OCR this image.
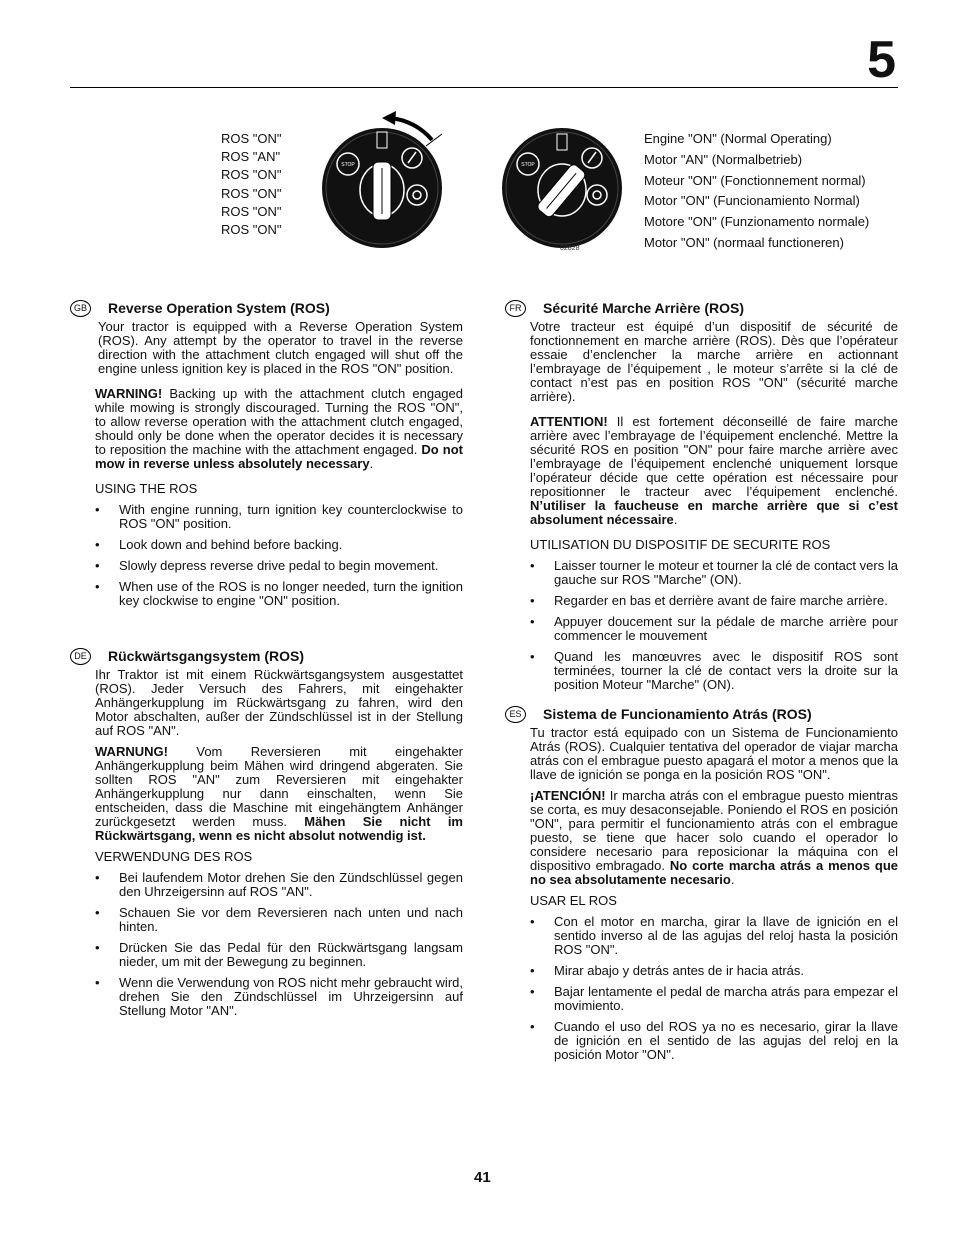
5
ROS "ON"
ROS "AN"
ROS "ON"
ROS "ON"
ROS "ON"
ROS "ON"
STOP	STOP
02828
Engine "ON" (Normal Operating)
Motor "AN" (Normalbetrieb)
Moteur "ON" (Fonctionnement normal)
Motor "ON" (Funcionamiento Normal)
Motore "ON" (Funzionamento normale)
Motor "ON" (normaal functioneren)
GB Reverse Operation System (ROS)

Your tractor is equipped with a Reverse Operation System (ROS). Any attempt by the operator to travel in the reverse direction with the attachment clutch engaged will shut off the engine unless ignition key is placed in the ROS "ON" position.

WARNING! Backing up with the attachment clutch engaged while mowing is strongly discouraged. Turning the ROS "ON", to allow reverse operation with the attachment clutch engaged, should only be done when the operator decides it is necessary to reposition the machine with the attachment engaged. Do not mow in reverse unless absolutely necessary.

USING THE ROS
• With engine running, turn ignition key counterclockwise to ROS "ON" position.
• Look down and behind before backing.
• Slowly depress reverse drive pedal to begin movement.
• When use of the ROS is no longer needed, turn the ignition key clockwise to engine "ON" position.
DE	Rückwärtsgangsystem (ROS)

Ihr Traktor ist mit einem Rückwärtsgangsystem ausgestattet (ROS). Jeder Versuch des Fahrers, mit eingehakter Anhängerkupplung im Rückwärtsgang zu fahren, wird den Motor abschalten, außer der Zündschlüssel ist in der Stellung auf ROS "AN".

WARNUNG! Vom Reversieren mit eingehakter Anhängerkupplung beim Mähen wird dringend abgeraten. Sie sollten ROS "AN" zum Reversieren mit eingehakter Anhängerkupplung nur dann einschalten, wenn Sie entscheiden, dass die Maschine mit eingehängtem Anhänger zurückgesetzt werden muss. Mähen Sie nicht im Rückwärtsgang, wenn es nicht absolut notwendig ist.

VERWENDUNG DES ROS
• Bei laufendem Motor drehen Sie den Zündschlüssel gegen den Uhrzeigersinn auf ROS "AN".
• Schauen Sie vor dem Reversieren nach unten und nach hinten.
• Drücken Sie das Pedal für den Rückwärtsgang langsam nieder, um mit der Bewegung zu beginnen.
• Wenn die Verwendung von ROS nicht mehr gebraucht wird, drehen Sie den Zündschlüssel im Uhrzeigersinn auf Stellung Motor "AN".
FR	Sécurité Marche Arrière (ROS)

Votre tracteur est équipé d’un dispositif de sécurité de fonctionnement en marche arrière (ROS). Dès que l’opérateur essaie d’enclencher la marche arrière en actionnant l’embrayage de l’équipement , le moteur s’arrête si la clé de contact n’est pas en position ROS "ON" (sécurité marche arrière).

ATTENTION! Il est fortement déconseillé de faire marche arrière avec l’embrayage de l’équipement enclenché. Mettre la sécurité ROS en position "ON" pour faire marche arrière avec l’embrayage de l’équipement enclenché uniquement lorsque l’opérateur décide que cette opération est nécessaire pour repositionner le tracteur avec l’équipement enclenché. N’utiliser la faucheuse en marche arrière que si c’est absolument nécessaire.

UTILISATION DU DISPOSITIF DE SECURITE ROS
• Laisser tourner le moteur et tourner la clé de contact vers la gauche sur ROS "Marche" (ON).
• Regarder en bas et derrière avant de faire marche arrière.
• Appuyer doucement sur la pédale de marche arrière pour commencer le mouvement
• Quand les manœuvres avec le dispositif ROS sont terminées, tourner la clé de contact vers la droite sur la position Moteur "Marche" (ON).
ES	Sistema de Funcionamiento Atrás (ROS)

Tu tractor está equipado con un Sistema de Funcionamiento Atrás (ROS). Cualquier tentativa del operador de viajar marcha atrás con el embrague puesto apagará el motor a menos que la llave de ignición se ponga en la posición ROS "ON".

¡ATENCIÓN! Ir marcha atrás con el embrague puesto mientras se corta, es muy desaconsejable. Poniendo el ROS en posición "ON", para permitir el funcionamiento atrás con el embrague puesto, se tiene que hacer solo cuando el operador lo considere necesario para reposicionar la máquina con el dispositivo embragado. No corte marcha atrás a menos que no sea absolutamente necesario.

USAR EL ROS
• Con el motor en marcha, girar la llave de ignición en el sentido inverso al de las agujas del reloj hasta la posición ROS "ON".
• Mirar abajo y detrás antes de ir hacia atrás.
• Bajar lentamente el pedal de marcha atrás para empezar el movimiento.
• Cuando el uso del ROS ya no es necesario, girar la llave de ignición en el sentido de las agujas del reloj en la posición Motor "ON".
41
